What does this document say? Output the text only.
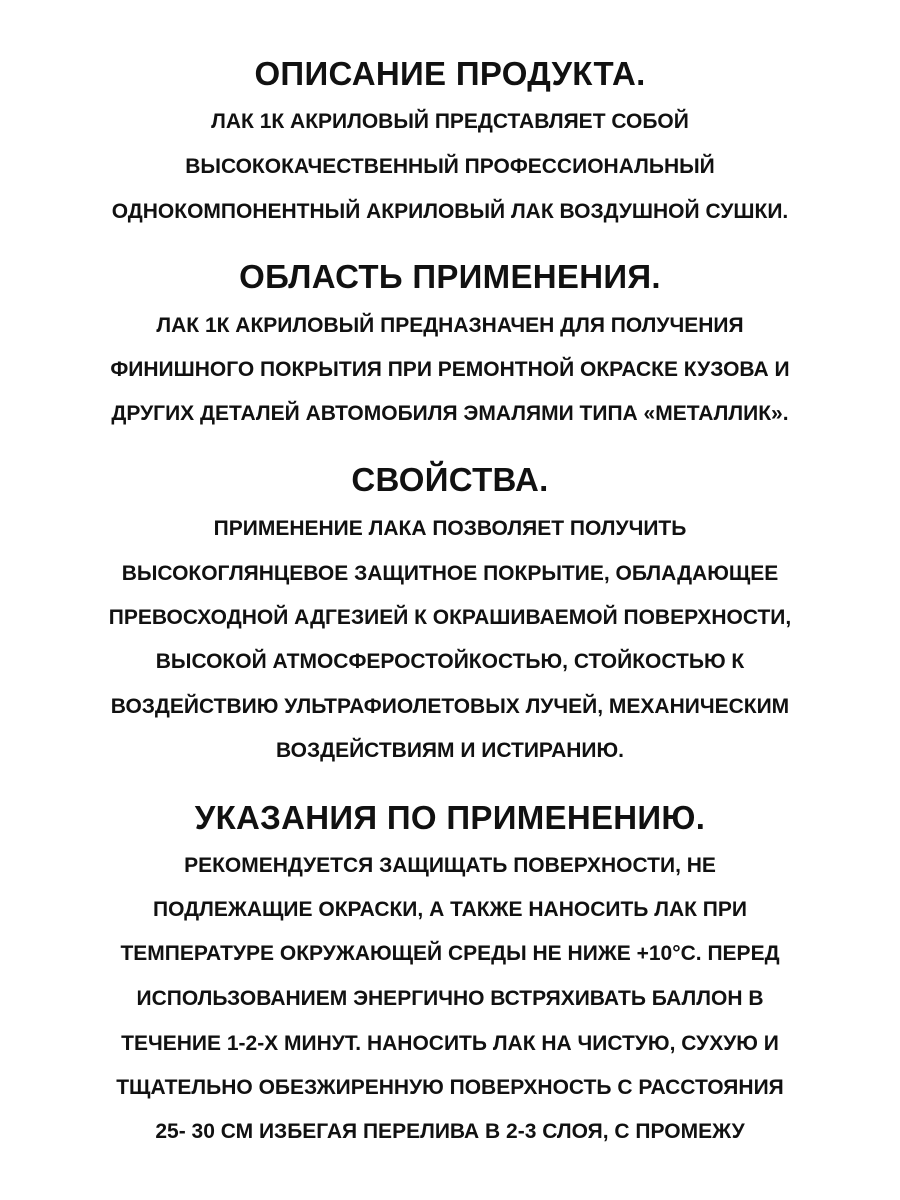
ОПИСАНИЕ ПРОДУКТА.
ЛАК 1К АКРИЛОВЫЙ ПРЕДСТАВЛЯЕТ СОБОЙ
ВЫСОКОКАЧЕСТВЕННЫЙ ПРОФЕССИОНАЛЬНЫЙ
ОДНОКОМПОНЕНТНЫЙ АКРИЛОВЫЙ ЛАК ВОЗДУШНОЙ СУШКИ.
ОБЛАСТЬ ПРИМЕНЕНИЯ.
ЛАК 1К АКРИЛОВЫЙ ПРЕДНАЗНАЧЕН ДЛЯ ПОЛУЧЕНИЯ
ФИНИШНОГО ПОКРЫТИЯ ПРИ РЕМОНТНОЙ ОКРАСКЕ КУЗОВА И
ДРУГИХ ДЕТАЛЕЙ АВТОМОБИЛЯ ЭМАЛЯМИ ТИПА «МЕТАЛЛИК».
СВОЙСТВА.
ПРИМЕНЕНИЕ ЛАКА ПОЗВОЛЯЕТ ПОЛУЧИТЬ
ВЫСОКОГЛЯНЦЕВОЕ ЗАЩИТНОЕ ПОКРЫТИЕ, ОБЛАДАЮЩЕЕ
ПРЕВОСХОДНОЙ АДГЕЗИЕЙ К ОКРАШИВАЕМОЙ ПОВЕРХНОСТИ,
ВЫСОКОЙ АТМОСФЕРОСТОЙКОСТЬЮ, СТОЙКОСТЬЮ К
ВОЗДЕЙСТВИЮ УЛЬТРАФИОЛЕТОВЫХ ЛУЧЕЙ, МЕХАНИЧЕСКИМ
ВОЗДЕЙСТВИЯМ И ИСТИРАНИЮ.
УКАЗАНИЯ ПО ПРИМЕНЕНИЮ.
РЕКОМЕНДУЕТСЯ ЗАЩИЩАТЬ ПОВЕРХНОСТИ, НЕ
ПОДЛЕЖАЩИЕ ОКРАСКИ, А ТАКЖЕ НАНОСИТЬ ЛАК ПРИ
ТЕМПЕРАТУРЕ ОКРУЖАЮЩЕЙ СРЕДЫ НЕ НИЖЕ +10°С. ПЕРЕД
ИСПОЛЬЗОВАНИЕМ ЭНЕРГИЧНО ВСТРЯХИВАТЬ БАЛЛОН В
ТЕЧЕНИЕ 1-2-Х МИНУТ. НАНОСИТЬ ЛАК НА ЧИСТУЮ, СУХУЮ И
ТЩАТЕЛЬНО ОБЕЗЖИРЕННУЮ ПОВЕРХНОСТЬ С РАССТОЯНИЯ
25- 30 СМ ИЗБЕГАЯ ПЕРЕЛИВА В 2-3 СЛОЯ, С ПРОМЕЖУ
